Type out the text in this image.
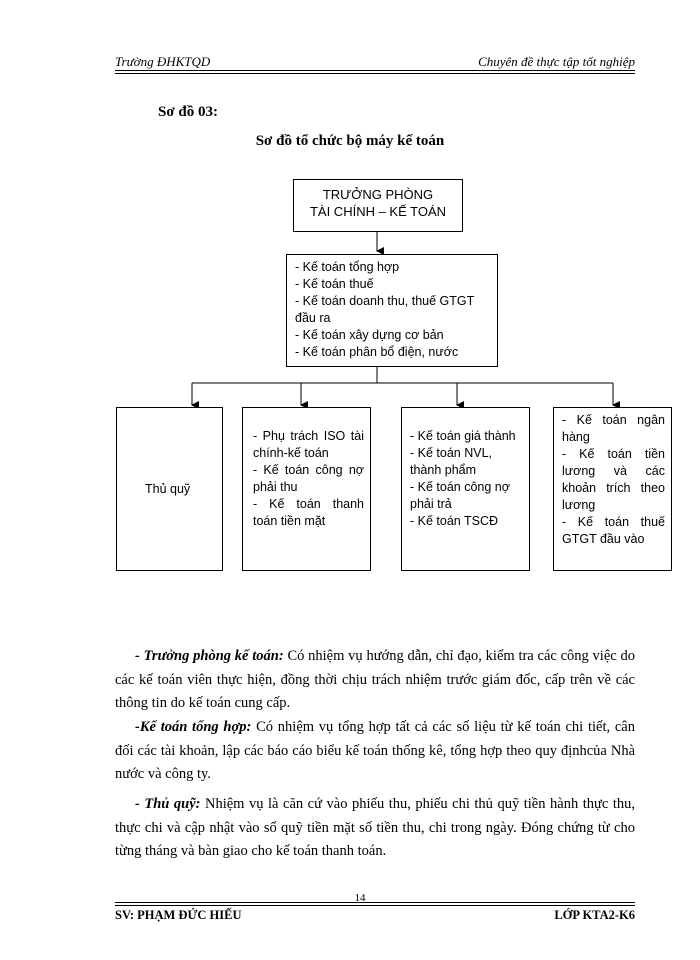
Trường ĐHKTQD	Chuyên đề thực tập tốt nghiệp
Sơ đồ 03:
Sơ đồ tổ chức bộ máy kế toán
TRƯỞNG PHÒNG
TÀI CHÍNH – KẾ TOÁN
- Kế toán tổng hợp
- Kế toán thuế
- Kế toán doanh thu, thuế GTGT đầu ra
- Kế toán xây dựng cơ bản
- Kế toán phân bổ điện, nước
Thủ quỹ
- Phụ trách ISO tài chính-kế toán
- Kế toán công nợ phải thu
- Kế toán thanh toán tiền mặt
- Kế toán giá thành
- Kế toán NVL, thành phẩm
- Kế toán công nợ phải trả
- Kế toán TSCĐ
- Kế toán ngân hàng
- Kế toán tiền lương và các khoản trích theo lương
- Kế toán thuế GTGT đầu vào

- Trưởng phòng kế toán: Có nhiệm vụ hướng dẫn, chỉ đạo, kiểm tra các công việc do các kế toán viên thực hiện, đồng thời chịu trách nhiệm trước giám đốc, cấp trên về các thông tin do kế toán cung cấp.

-Kế toán tổng hợp: Có nhiệm vụ tổng hợp tất cả các số liệu từ kế toán chi tiết, cân đối các tài khoản, lập các báo cáo biểu kế toán thống kê, tổng hợp theo quy địnhcủa Nhà nước và công ty.

- Thủ quỹ: Nhiệm vụ là căn cứ vào phiếu thu, phiếu chi thủ quỹ tiền hành thực thu, thực chi và cập nhật vào sổ quỹ tiền mặt số tiền thu, chi trong ngày. Đóng chứng từ cho từng tháng và bàn giao cho kế toán thanh toán.

14
SV: PHẠM ĐỨC HIẾU	LỚP KTA2-K6
